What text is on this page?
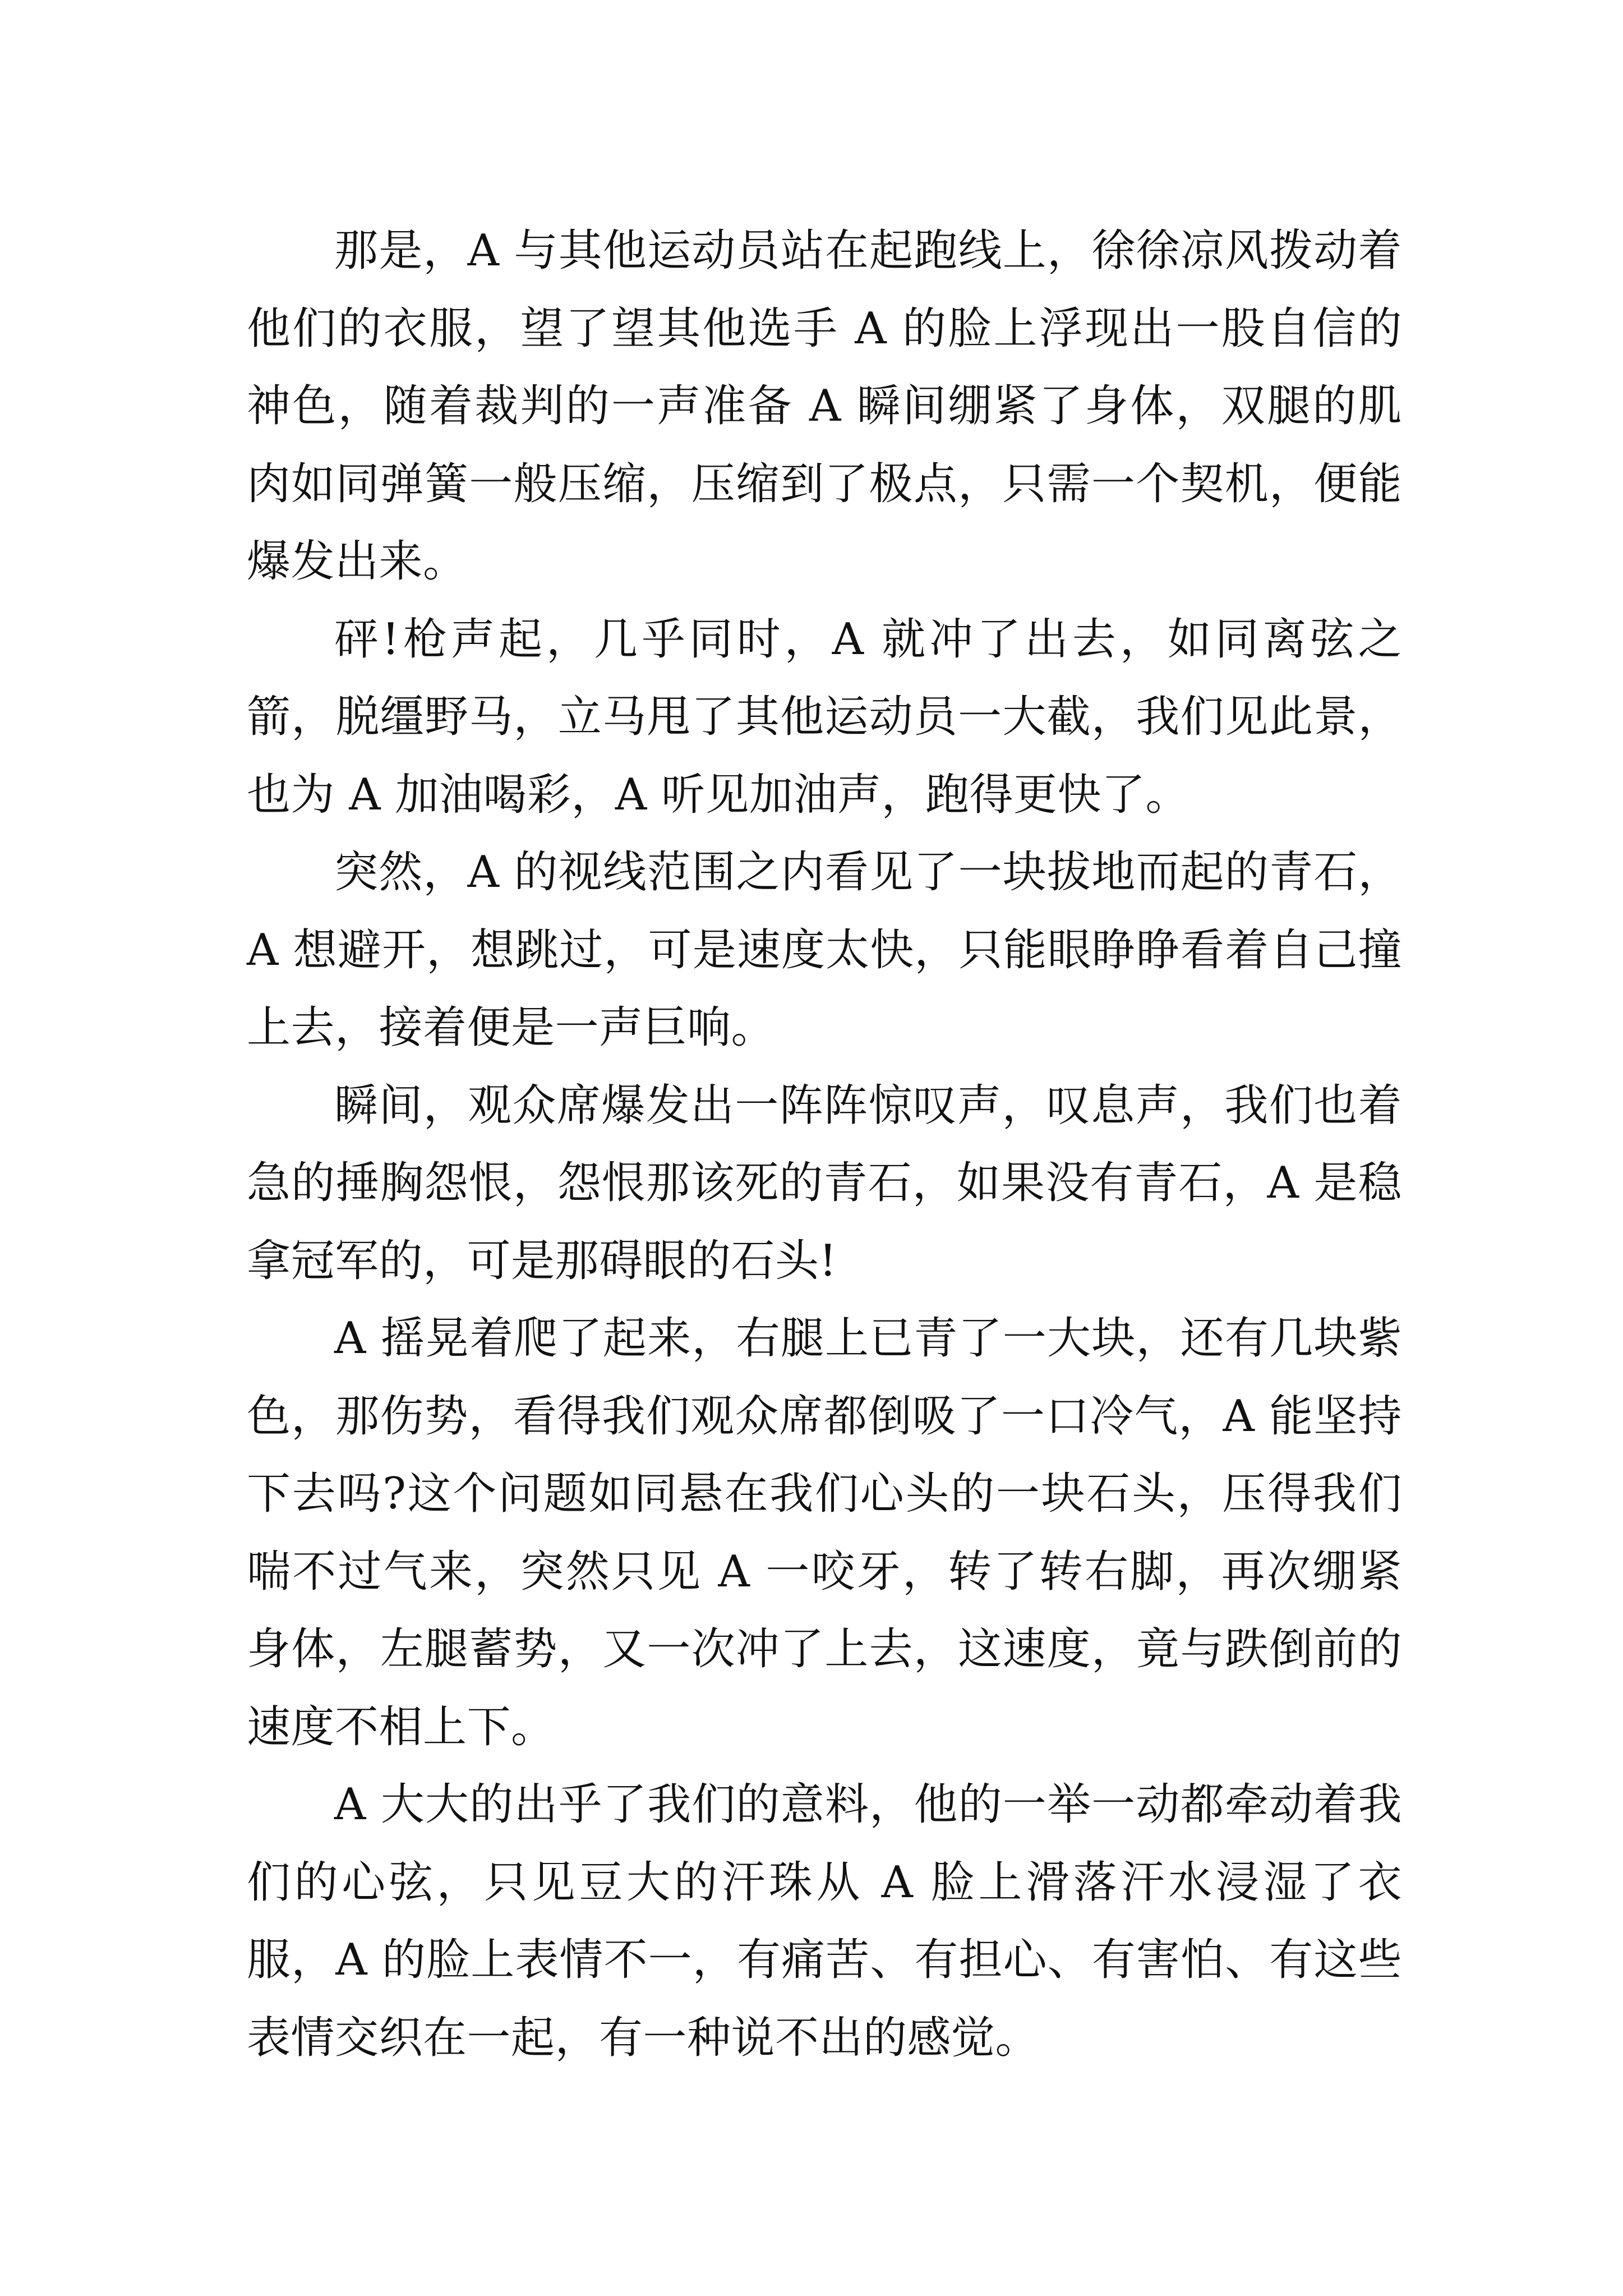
那是，A 与其他运动员站在起跑线上，徐徐凉风拨动着他们的衣服，望了望其他选手 A 的脸上浮现出一股自信的神色，随着裁判的一声准备 A 瞬间绷紧了身体，双腿的肌肉如同弹簧一般压缩，压缩到了极点，只需一个契机，便能爆发出来。

砰!枪声起，几乎同时，A 就冲了出去，如同离弦之箭，脱缰野马，立马甩了其他运动员一大截，我们见此景，也为 A 加油喝彩，A 听见加油声，跑得更快了。

突然，A 的视线范围之内看见了一块拔地而起的青石，A 想避开，想跳过，可是速度太快，只能眼睁睁看着自己撞上去，接着便是一声巨响。

瞬间，观众席爆发出一阵阵惊叹声，叹息声，我们也着急的捶胸怨恨，怨恨那该死的青石，如果没有青石，A 是稳拿冠军的，可是那碍眼的石头!

A 摇晃着爬了起来，右腿上已青了一大块，还有几块紫色，那伤势，看得我们观众席都倒吸了一口冷气，A 能坚持下去吗?这个问题如同悬在我们心头的一块石头，压得我们喘不过气来，突然只见 A 一咬牙，转了转右脚，再次绷紧身体，左腿蓄势，又一次冲了上去，这速度，竟与跌倒前的速度不相上下。

A 大大的出乎了我们的意料，他的一举一动都牵动着我们的心弦，只见豆大的汗珠从 A 脸上滑落汗水浸湿了衣服，A 的脸上表情不一，有痛苦、有担心、有害怕、有这些表情交织在一起，有一种说不出的感觉。
